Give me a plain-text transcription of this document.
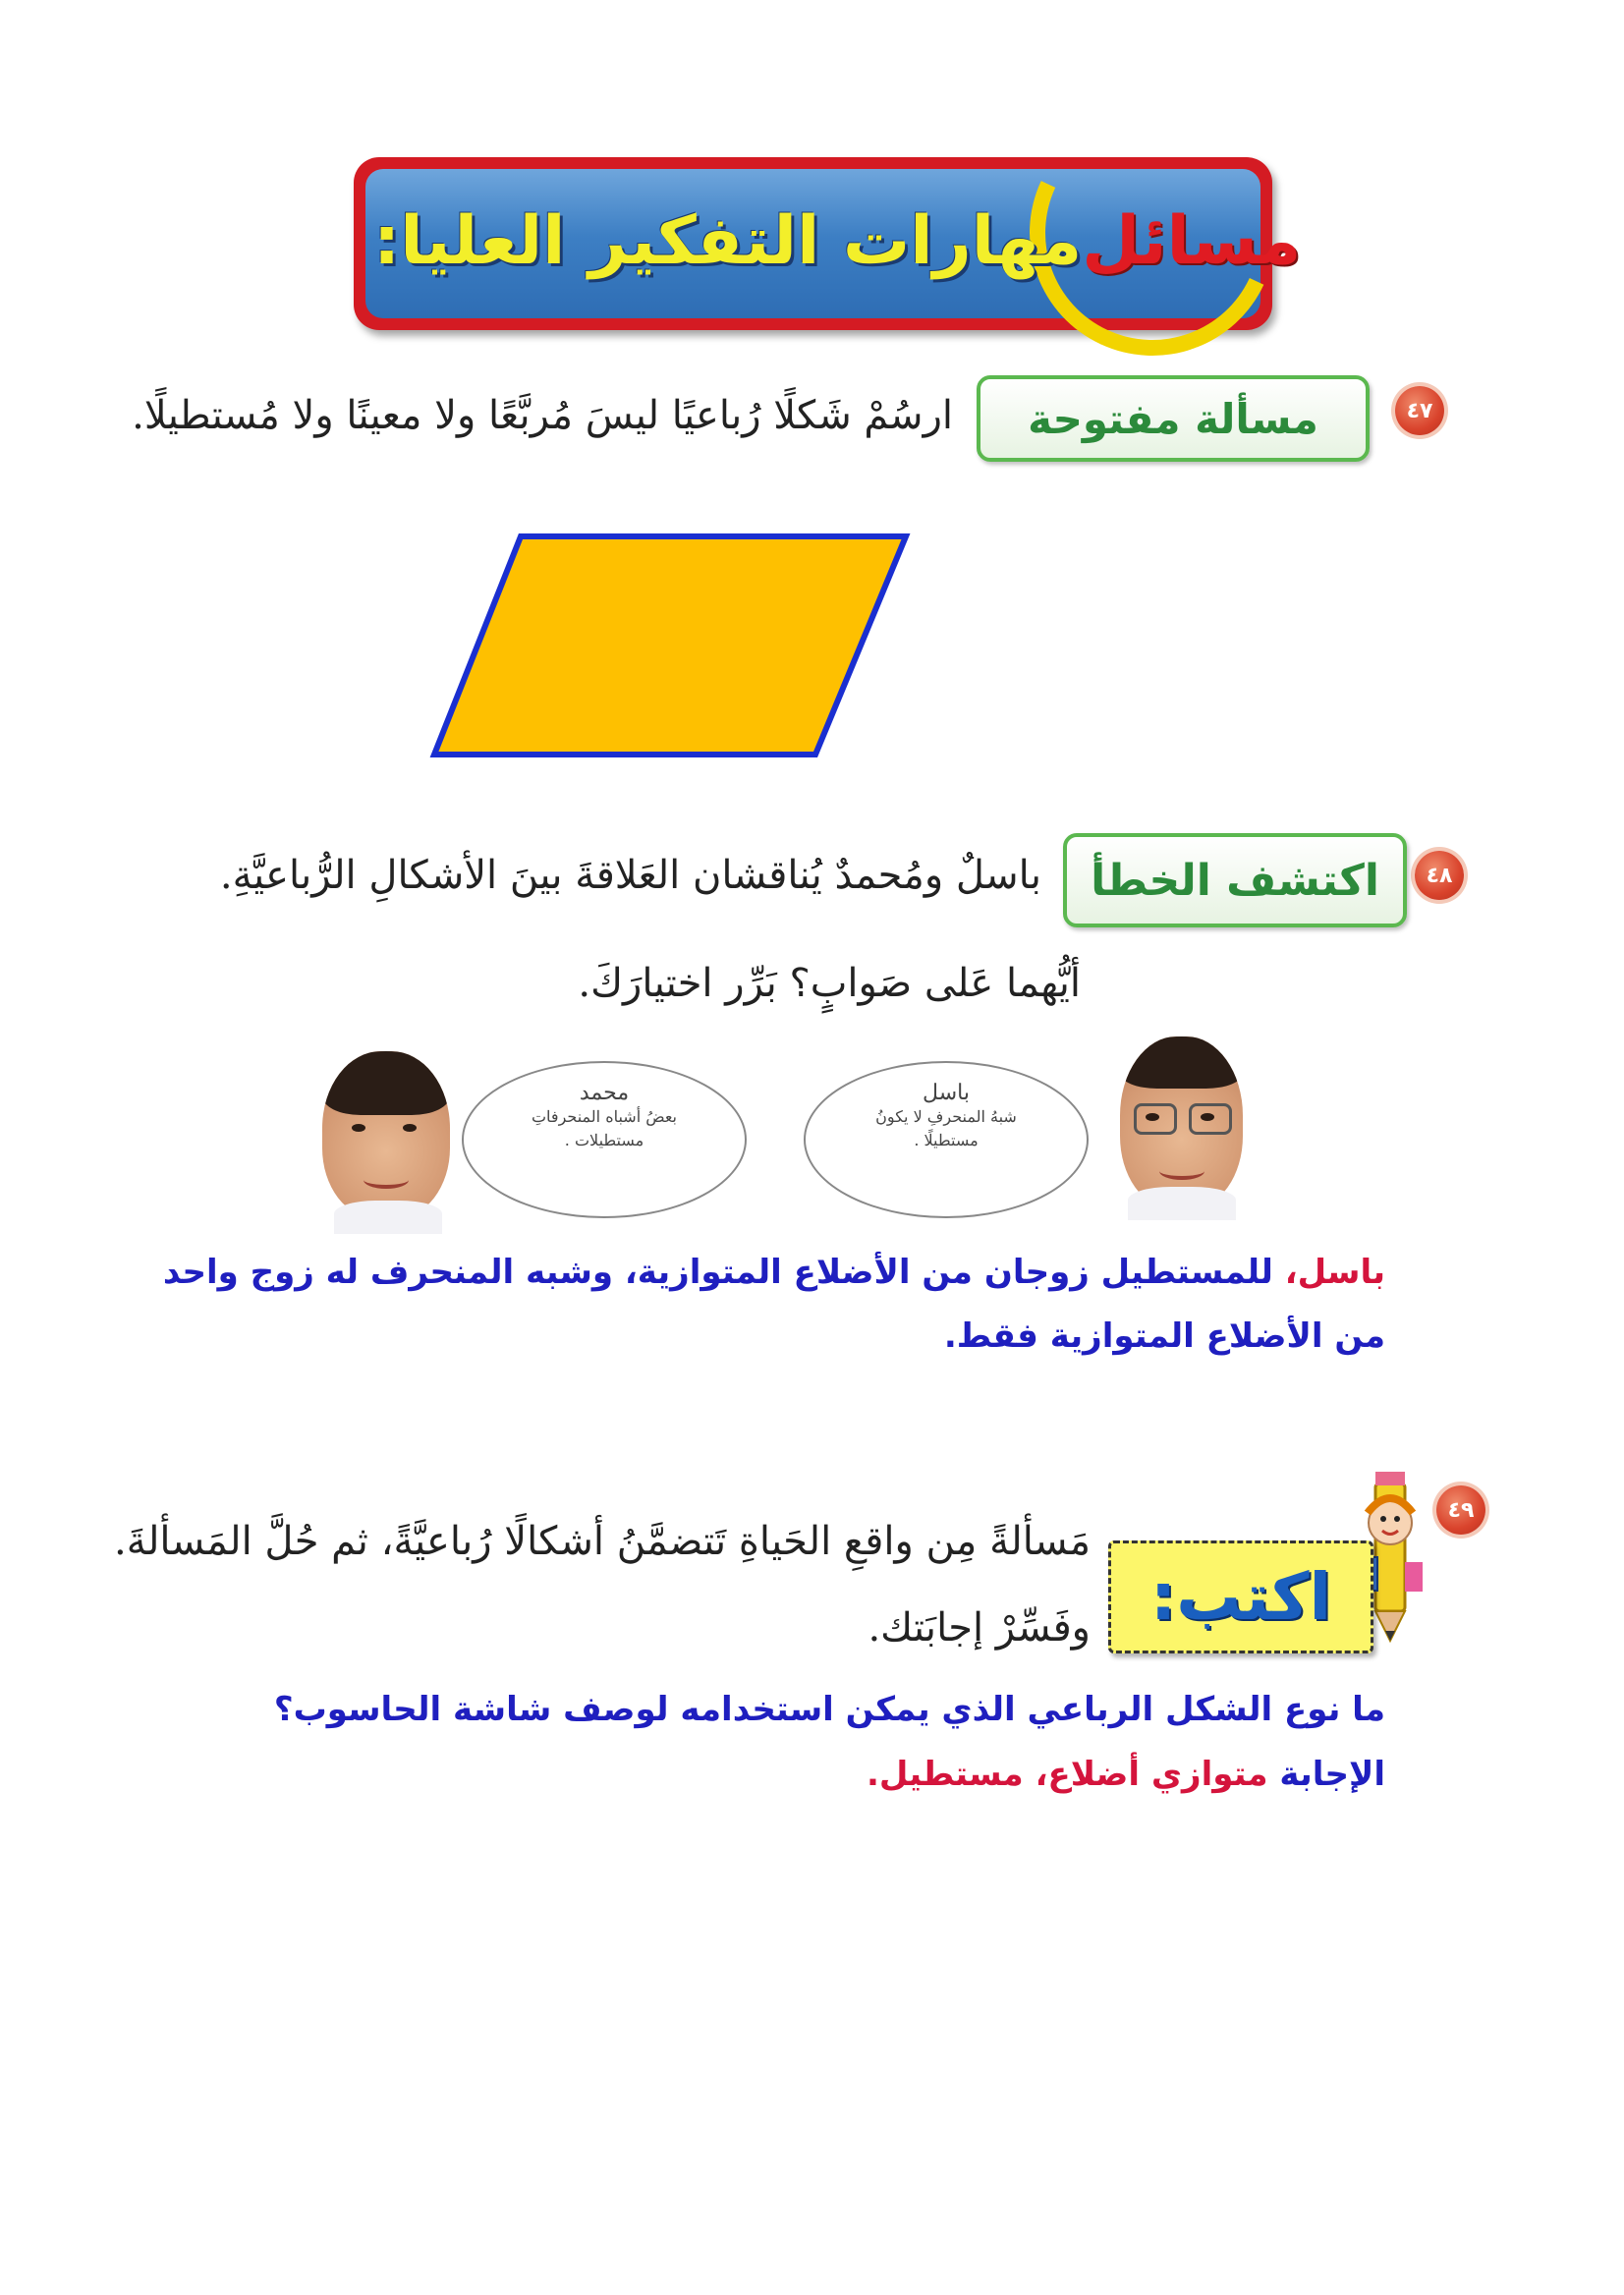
مسائل
مهارات التفكير العليا:
٤٧
مسألة مفتوحة
ارسُمْ شَكلًا رُباعيًا ليسَ مُربَّعًا ولا معينًا ولا مُستطيلًا.
٤٨
اكتشف الخطأ
باسلٌ ومُحمدٌ يُناقشان العَلاقةَ بينَ الأشكالِ الرُّباعيَّةِ.
أيُّهما عَلى صَوابٍ؟ بَرِّر اختيارَكَ.
محمد
بعضُ أشباه المنحرفاتِ
مستطيلات .
باسل
شبهُ المنحرفِ لا يكونُ
مستطيلًا .
باسل، للمستطيل زوجان من الأضلاع المتوازية، وشبه المنحرف له زوج واحد
من الأضلاع المتوازية فقط.
٤٩
اكتب:
مَسألةً مِن واقعِ الحَياةِ تَتضمَّنُ أشكالًا رُباعيَّةً، ثم حُلَّ المَسألةَ.
وفَسِّرْ إجابَتك.
ما نوع الشكل الرباعي الذي يمكن استخدامه لوصف شاشة الحاسوب؟
الإجابة متوازي أضلاع، مستطيل.
